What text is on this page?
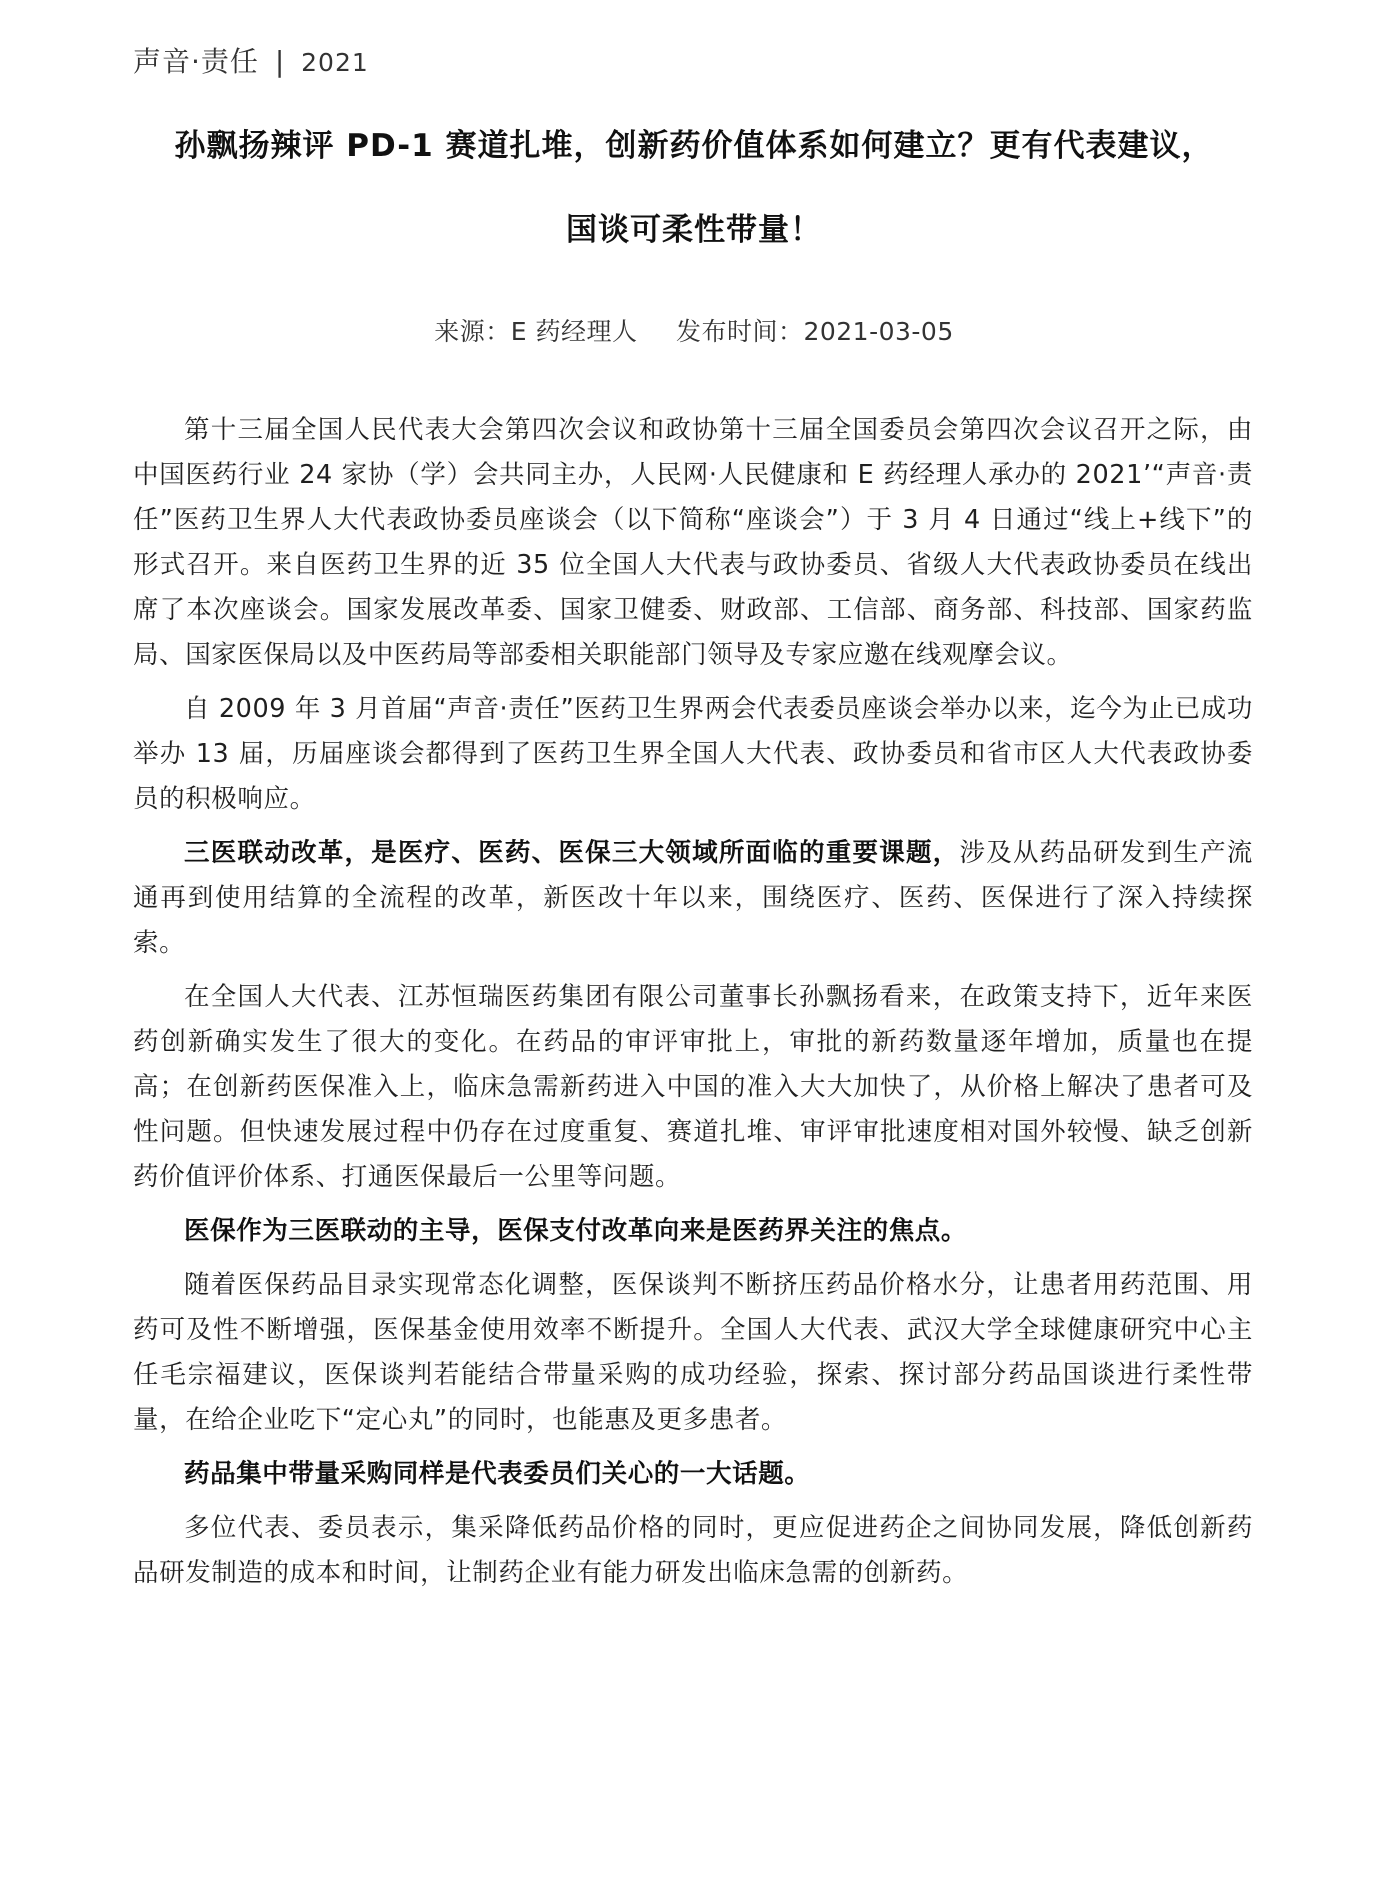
声音·责任 | 2021
孙飘扬辣评 PD-1 赛道扎堆，创新药价值体系如何建立？更有代表建议，
国谈可柔性带量！
来源：E 药经理人 发布时间：2021-03-05

第十三届全国人民代表大会第四次会议和政协第十三届全国委员会第四次会议召开之际，由中国医药行业 24 家协（学）会共同主办，人民网·人民健康和 E 药经理人承办的 2021’“声音·责任”医药卫生界人大代表政协委员座谈会（以下简称“座谈会”）于 3 月 4 日通过“线上+线下”的形式召开。来自医药卫生界的近 35 位全国人大代表与政协委员、省级人大代表政协委员在线出席了本次座谈会。国家发展改革委、国家卫健委、财政部、工信部、商务部、科技部、国家药监局、国家医保局以及中医药局等部委相关职能部门领导及专家应邀在线观摩会议。

自 2009 年 3 月首届“声音·责任”医药卫生界两会代表委员座谈会举办以来，迄今为止已成功举办 13 届，历届座谈会都得到了医药卫生界全国人大代表、政协委员和省市区人大代表政协委员的积极响应。

三医联动改革，是医疗、医药、医保三大领域所面临的重要课题，涉及从药品研发到生产流通再到使用结算的全流程的改革，新医改十年以来，围绕医疗、医药、医保进行了深入持续探索。

在全国人大代表、江苏恒瑞医药集团有限公司董事长孙飘扬看来，在政策支持下，近年来医药创新确实发生了很大的变化。在药品的审评审批上，审批的新药数量逐年增加，质量也在提高；在创新药医保准入上，临床急需新药进入中国的准入大大加快了，从价格上解决了患者可及性问题。但快速发展过程中仍存在过度重复、赛道扎堆、审评审批速度相对国外较慢、缺乏创新药价值评价体系、打通医保最后一公里等问题。

医保作为三医联动的主导，医保支付改革向来是医药界关注的焦点。

随着医保药品目录实现常态化调整，医保谈判不断挤压药品价格水分，让患者用药范围、用药可及性不断增强，医保基金使用效率不断提升。全国人大代表、武汉大学全球健康研究中心主任毛宗福建议，医保谈判若能结合带量采购的成功经验，探索、探讨部分药品国谈进行柔性带量，在给企业吃下“定心丸”的同时，也能惠及更多患者。

药品集中带量采购同样是代表委员们关心的一大话题。

多位代表、委员表示，集采降低药品价格的同时，更应促进药企之间协同发展，降低创新药品研发制造的成本和时间，让制药企业有能力研发出临床急需的创新药。
